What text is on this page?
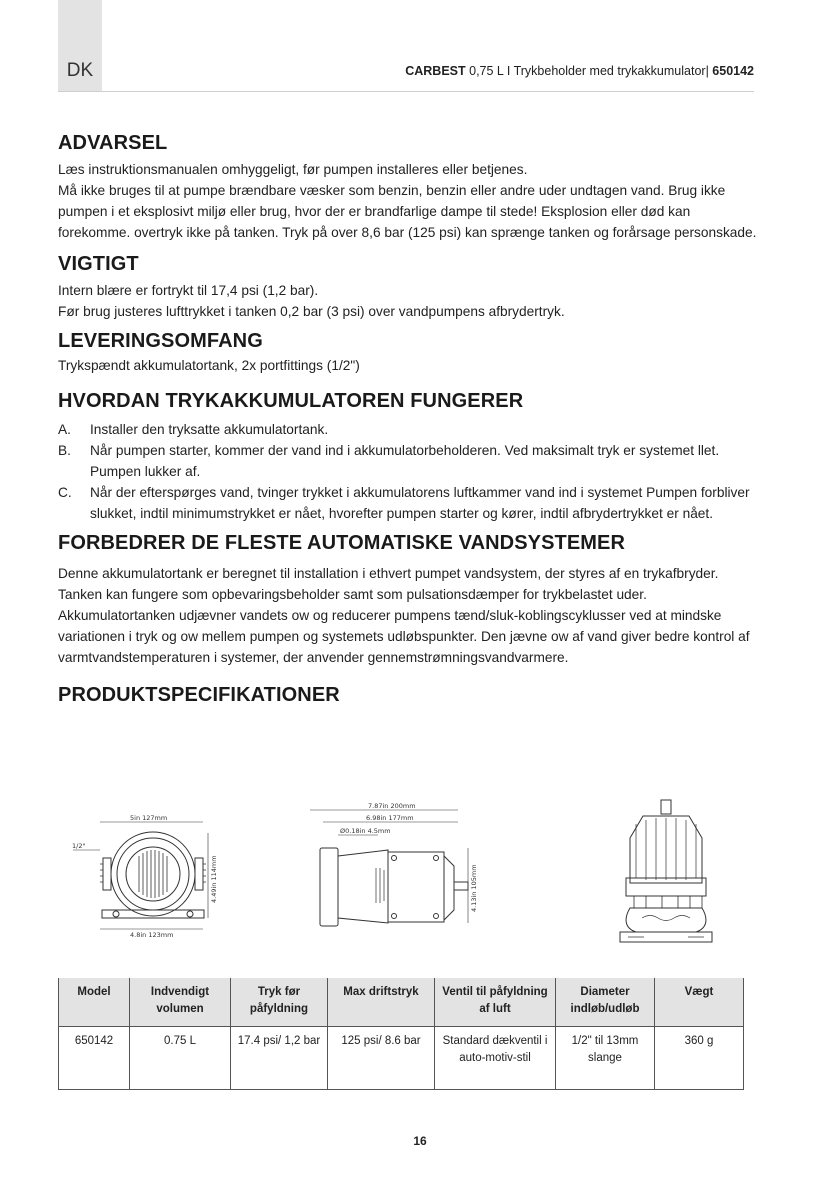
DK	CARBEST 0,75 L I Trykbeholder med trykakkumulator| 650142
ADVARSEL

Læs instruktionsmanualen omhyggeligt, før pumpen installeres eller betjenes.

Må ikke bruges til at pumpe brændbare væsker som benzin, benzin eller andre uder undtagen vand. Brug ikke pumpen i et eksplosivt miljø eller brug, hvor der er brandfarlige dampe til stede! Eksplosion eller død kan forekomme. overtryk ikke på tanken. Tryk på over 8,6 bar (125 psi) kan sprænge tanken og forårsage personskade.

VIGTIGT

Intern blære er fortrykt til 17,4 psi (1,2 bar).

Før brug justeres lufttrykket i tanken 0,2 bar (3 psi) over vandpumpens afbrydertryk.

LEVERINGSOMFANG

Trykspændt akkumulatortank, 2x portfittings (1/2")

HVORDAN TRYKAKKUMULATOREN FUNGERER
A.	Installer den tryksatte akkumulatortank.
B.	Når pumpen starter, kommer der vand ind i akkumulatorbeholderen. Ved maksimalt tryk er systemet llet. Pumpen lukker af.
C.	Når der efterspørges vand, tvinger trykket i akkumulatorens luftkammer vand ind i systemet Pumpen forbliver slukket, indtil minimumstrykket er nået, hvorefter pumpen starter og kører, indtil afbrydertrykket er nået.
FORBEDRER DE FLESTE AUTOMATISKE VANDSYSTEMER

Denne akkumulatortank er beregnet til installation i ethvert pumpet vandsystem, der styres af en trykafbryder. Tanken kan fungere som opbevaringsbeholder samt som pulsationsdæmper for trykbelastet uder. Akkumulatortanken udjævner vandets ow og reducerer pumpens tænd/sluk-koblingscyklusser ved at mindske variationen i tryk og ow mellem pumpen og systemets udløbspunkter. Den jævne ow af vand giver bedre kontrol af varmtvandstemperaturen i systemer, der anvender gennemstrømningsvandvarmere.

PRODUKTSPECIFIKATIONER
5in 127mm
4.8in 123mm
1/2"
4.49in 114mm
7.87in 200mm
6.98in 177mm
Ø0.18in 4.5mm
4.13in 105mm
Model	Indvendigt volumen	Tryk før påfyldning	Max driftstryk	Ventil til påfyldning af luft	Diameter indløb/udløb	Vægt
650142	0.75 L	17.4 psi/ 1,2 bar	125 psi/ 8.6 bar	Standard dækventil i auto-motiv-stil	1/2" til 13mm slange	360 g
16
